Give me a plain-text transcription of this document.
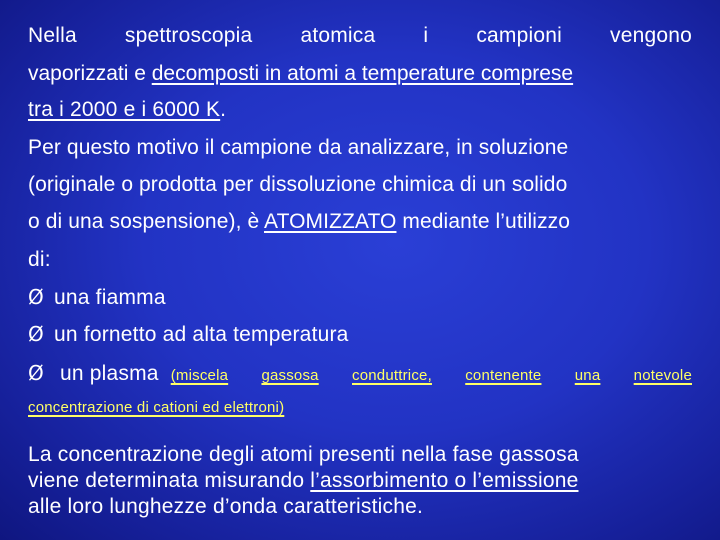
Nella spettroscopia atomica i campioni vengono
vaporizzati e decomposti in atomi a temperature comprese
tra i 2000 e i 6000 K.
Per questo motivo il campione da analizzare, in soluzione
(originale o prodotta per dissoluzione chimica di un solido
o di una sospensione), è ATOMIZZATO mediante l’utilizzo
di:
Ø una fiamma
Ø un fornetto ad alta temperatura
Ø un plasma (miscela gassosa conduttrice, contenente una notevole
concentrazione di cationi ed elettroni)
La concentrazione degli atomi presenti nella fase gassosa
viene determinata misurando l’assorbimento o l’emissione
alle loro lunghezze d’onda caratteristiche.
